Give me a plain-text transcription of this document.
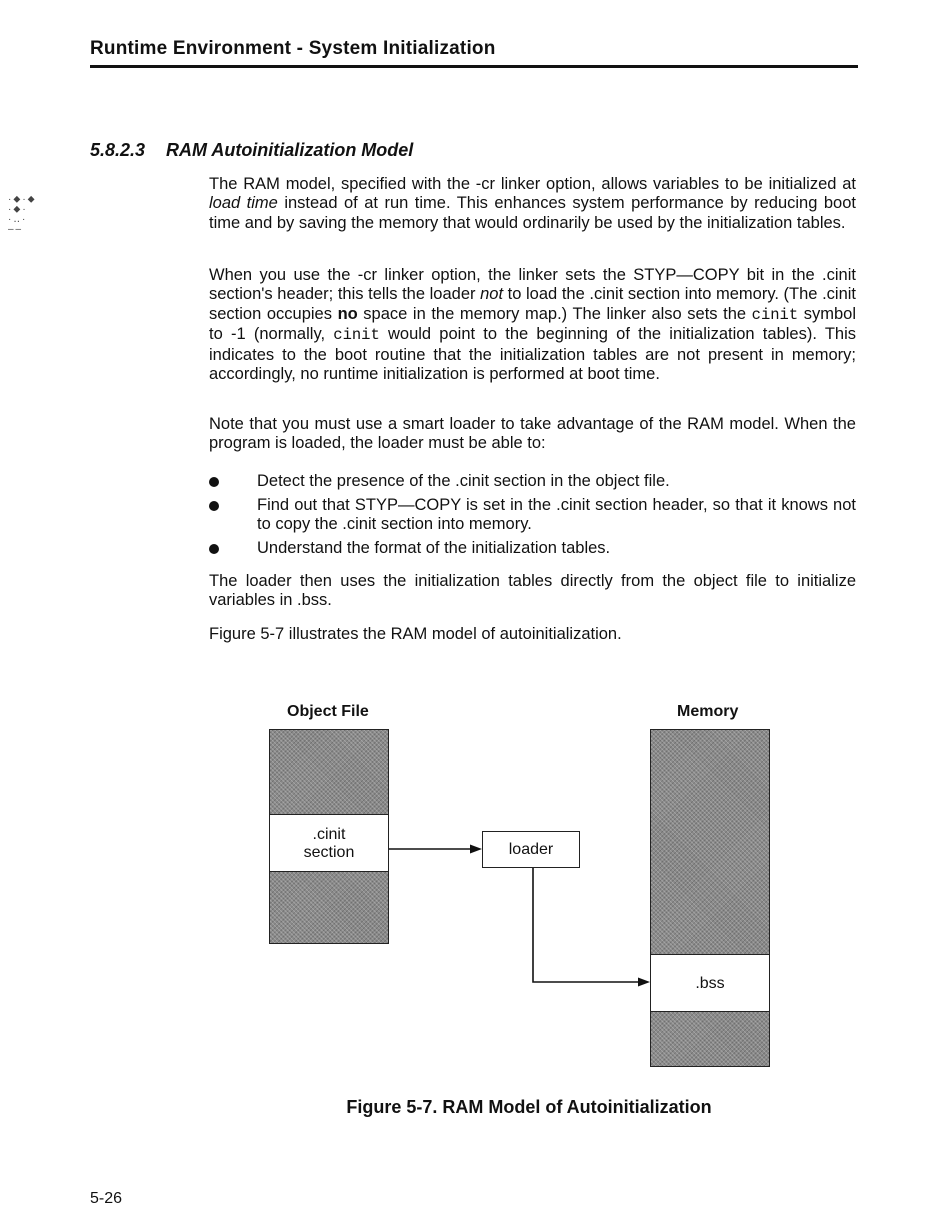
Runtime Environment - System Initialization
·⬥·⬥
·⬥·
·‥·
–‒
5.8.2.3 RAM Autoinitialization Model

The RAM model, specified with the -cr linker option, allows variables to be initialized at load time instead of at run time. This enhances system performance by reducing boot time and by saving the memory that would ordinarily be used by the initialization tables.

When you use the -cr linker option, the linker sets the STYP—COPY bit in the .cinit section's header; this tells the loader not to load the .cinit section into memory. (The .cinit section occupies no space in the memory map.) The linker also sets the cinit symbol to -1 (normally, cinit would point to the beginning of the initialization tables). This indicates to the boot routine that the initialization tables are not present in memory; accordingly, no runtime initialization is performed at boot time.

Note that you must use a smart loader to take advantage of the RAM model. When the program is loaded, the loader must be able to:

Detect the presence of the .cinit section in the object file.
Find out that STYP—COPY is set in the .cinit section header, so that it knows not to copy the .cinit section into memory.
Understand the format of the initialization tables.

The loader then uses the initialization tables directly from the object file to initialize variables in .bss.

Figure 5-7 illustrates the RAM model of autoinitialization.

Object File	Memory
.cinit
section	loader
.bss
Figure 5-7. RAM Model of Autoinitialization
5-26
